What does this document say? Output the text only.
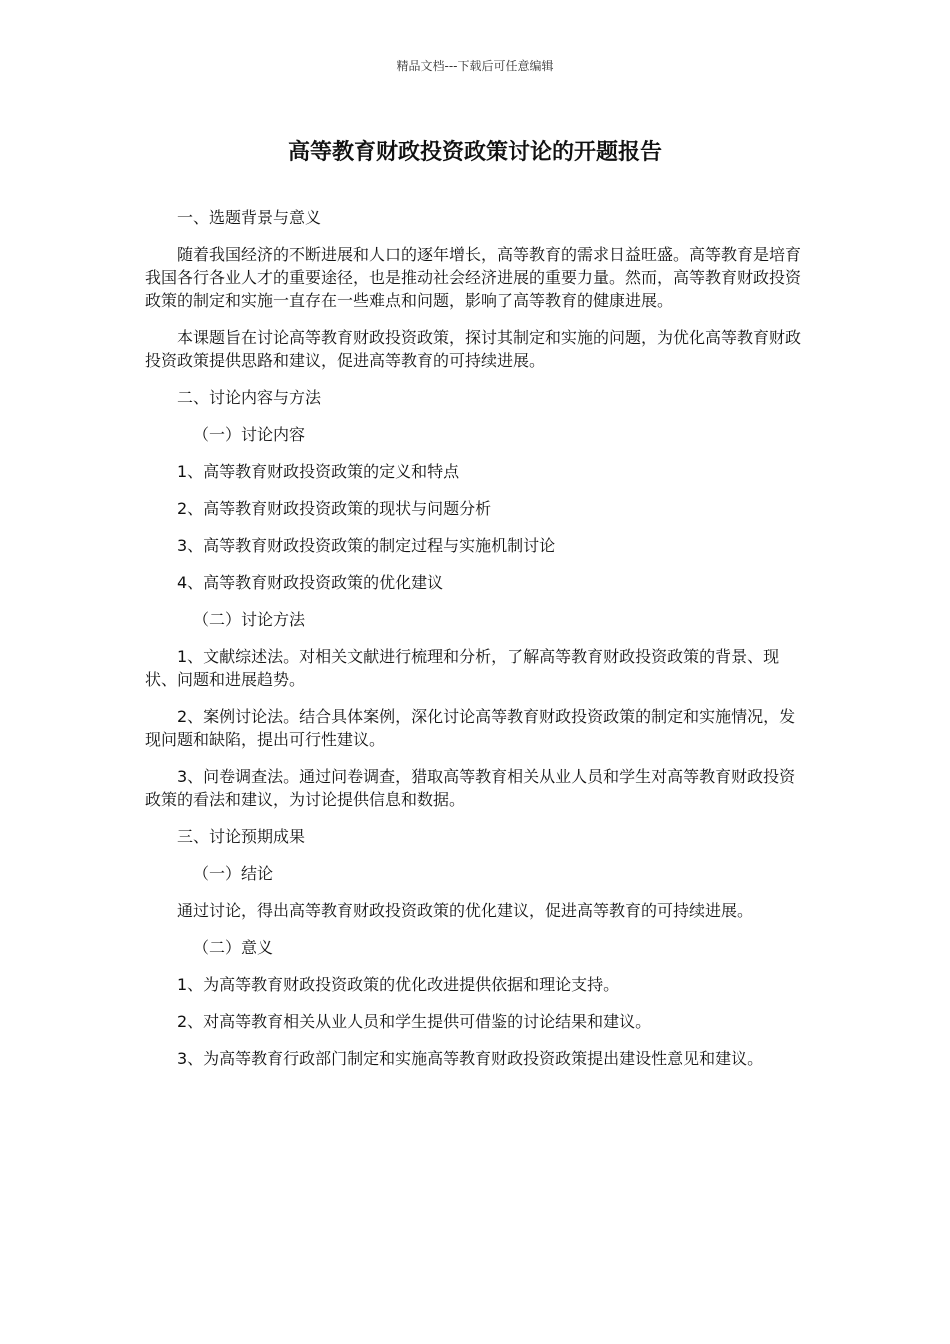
精品文档---下载后可任意编辑
高等教育财政投资政策讨论的开题报告

一、选题背景与意义

随着我国经济的不断进展和人口的逐年增长，高等教育的需求日益旺盛。高等教育是培育我国各行各业人才的重要途径，也是推动社会经济进展的重要力量。然而，高等教育财政投资政策的制定和实施一直存在一些难点和问题，影响了高等教育的健康进展。

本课题旨在讨论高等教育财政投资政策，探讨其制定和实施的问题，为优化高等教育财政投资政策提供思路和建议，促进高等教育的可持续进展。

二、讨论内容与方法

（一）讨论内容

1、高等教育财政投资政策的定义和特点

2、高等教育财政投资政策的现状与问题分析

3、高等教育财政投资政策的制定过程与实施机制讨论

4、高等教育财政投资政策的优化建议

（二）讨论方法

1、文献综述法。对相关文献进行梳理和分析，了解高等教育财政投资政策的背景、现状、问题和进展趋势。

2、案例讨论法。结合具体案例，深化讨论高等教育财政投资政策的制定和实施情况，发现问题和缺陷，提出可行性建议。

3、问卷调查法。通过问卷调查，猎取高等教育相关从业人员和学生对高等教育财政投资政策的看法和建议，为讨论提供信息和数据。

三、讨论预期成果

（一）结论

通过讨论，得出高等教育财政投资政策的优化建议，促进高等教育的可持续进展。

（二）意义

1、为高等教育财政投资政策的优化改进提供依据和理论支持。

2、对高等教育相关从业人员和学生提供可借鉴的讨论结果和建议。

3、为高等教育行政部门制定和实施高等教育财政投资政策提出建设性意见和建议。
